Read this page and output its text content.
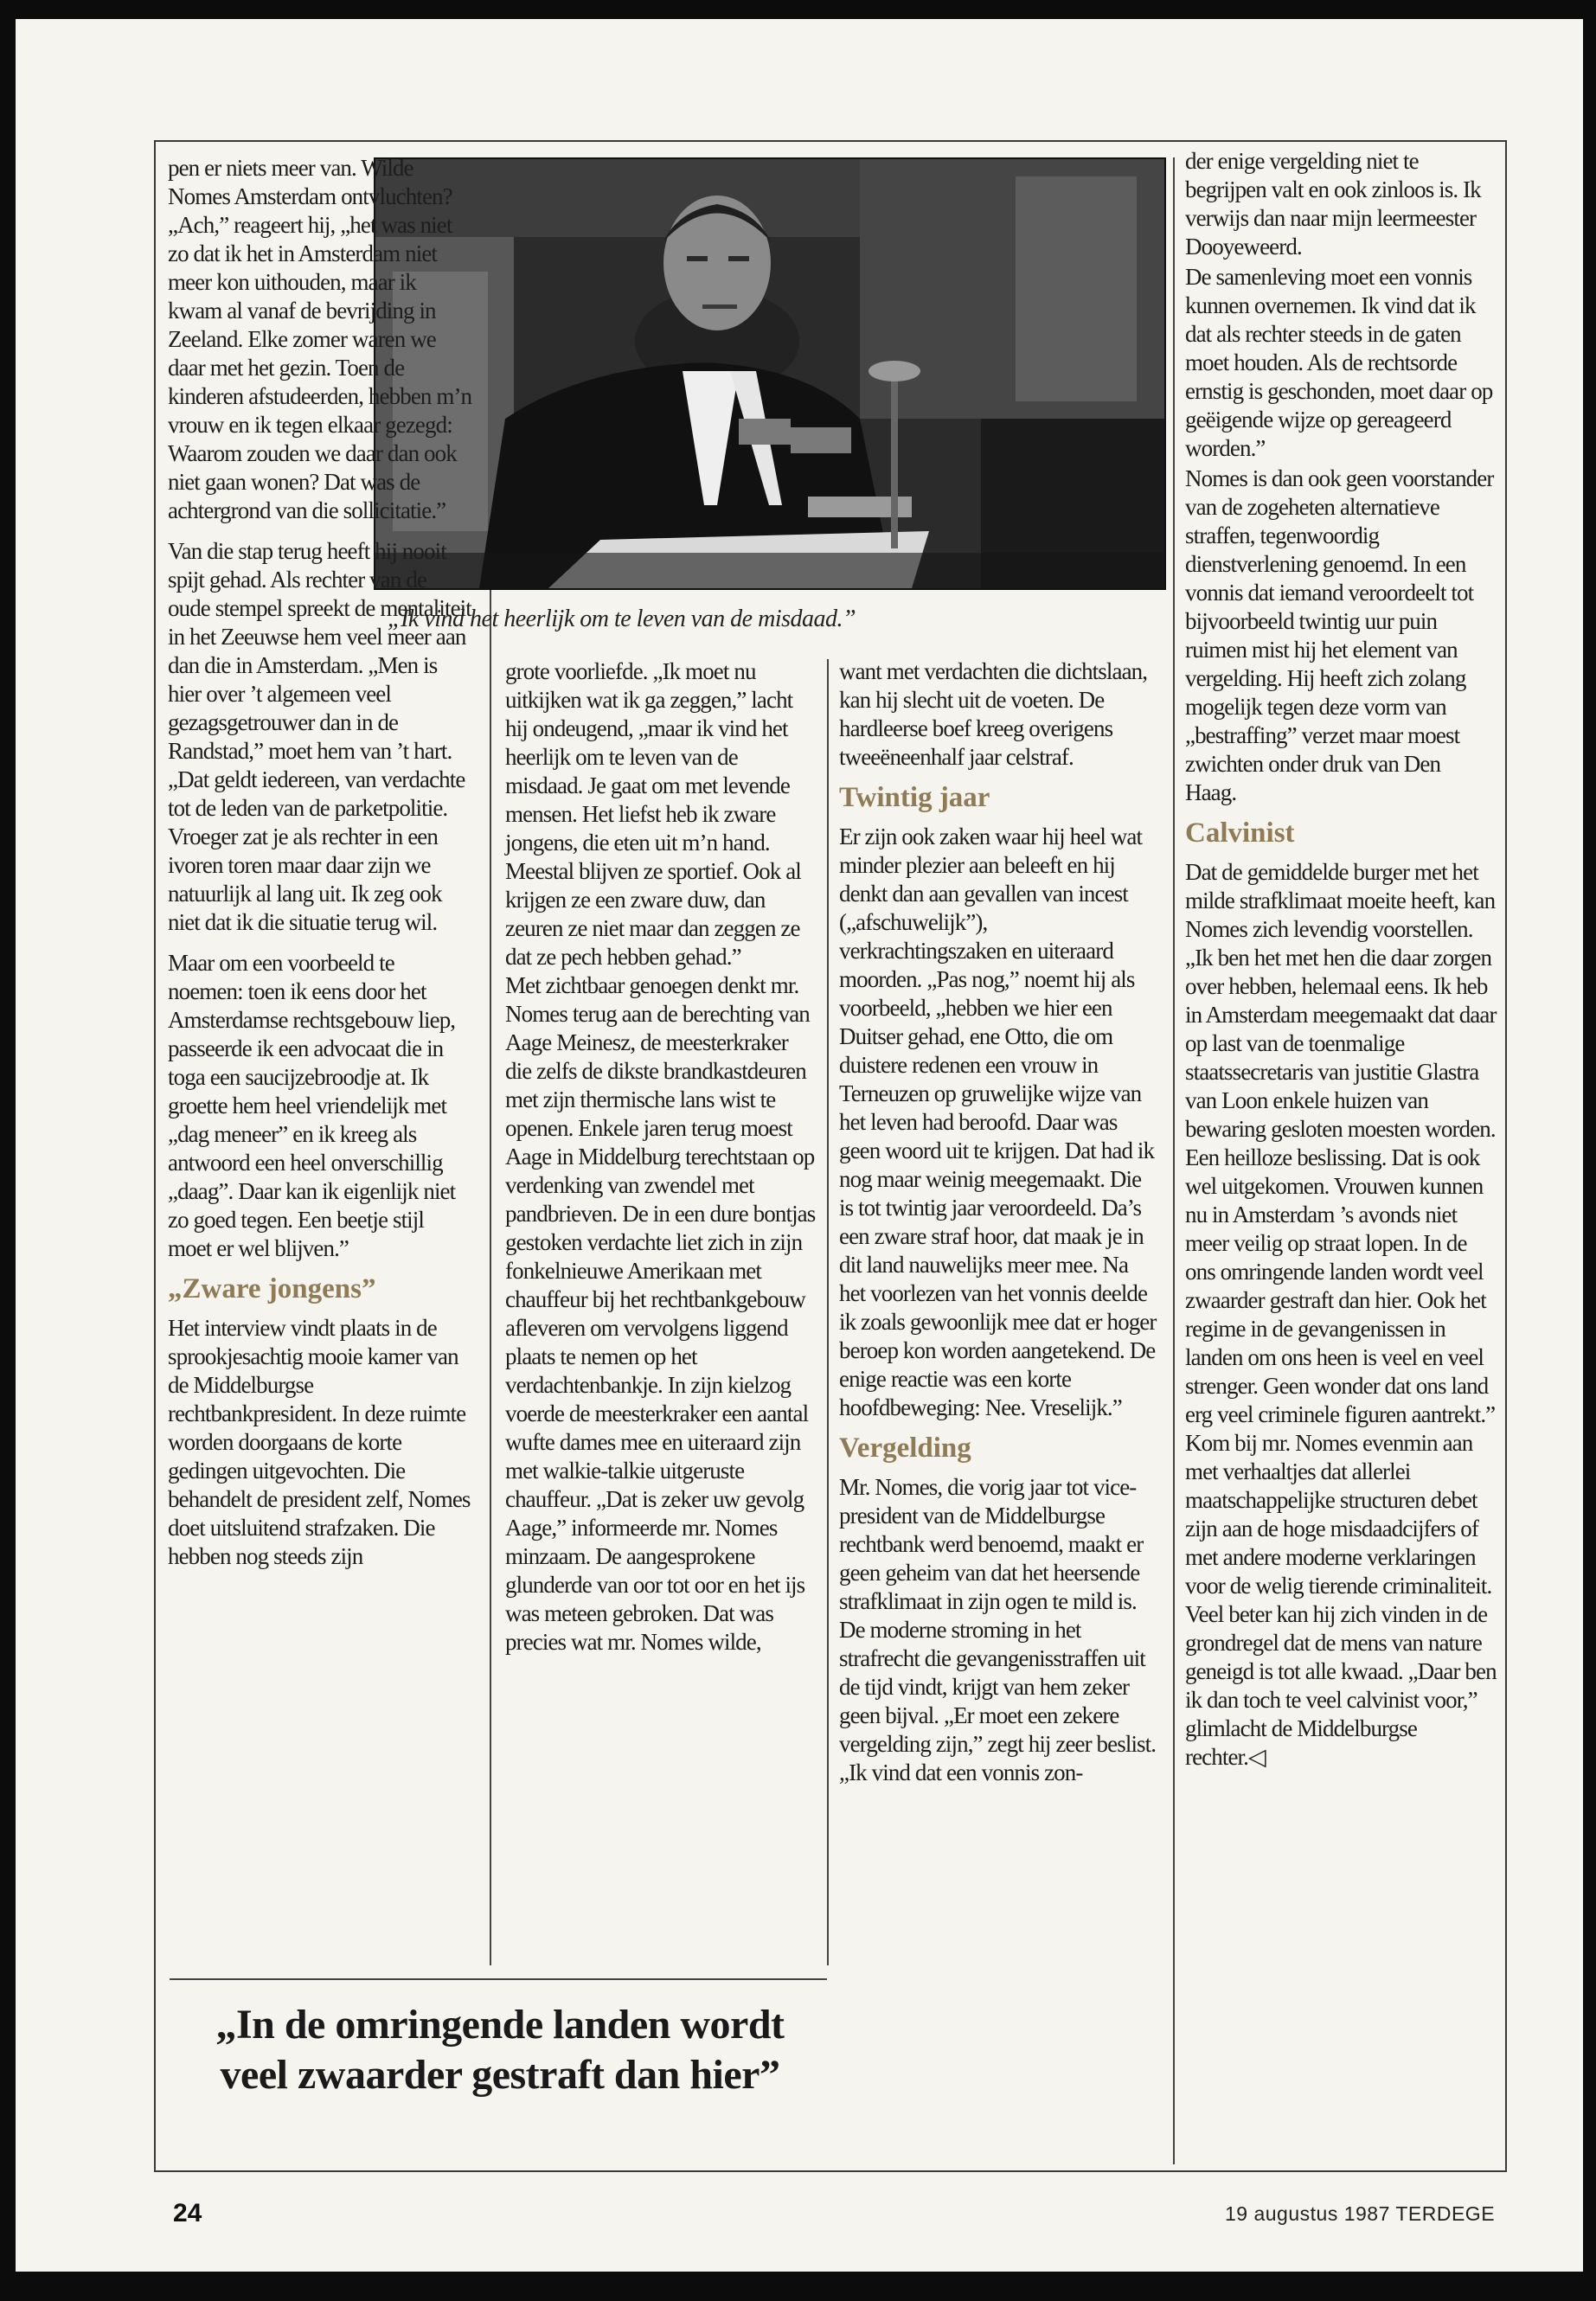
„Ik vind het heerlijk om te leven van de misdaad.”

pen er niets meer van. Wilde Nomes Amsterdam ontvluchten? „Ach,” reageert hij, „het was niet zo dat ik het in Amsterdam niet meer kon uithouden, maar ik kwam al vanaf de bevrijding in Zeeland. Elke zomer waren we daar met het gezin. Toen de kinderen afstudeerden, hebben m’n vrouw en ik tegen elkaar gezegd: Waarom zouden we daar dan ook niet gaan wonen? Dat was de achtergrond van die sollicitatie.”

Van die stap terug heeft hij nooit spijt gehad. Als rechter van de oude stempel spreekt de mentaliteit in het Zeeuwse hem veel meer aan dan die in Amsterdam. „Men is hier over ’t algemeen veel gezagsgetrouwer dan in de Randstad,” moet hem van ’t hart. „Dat geldt iedereen, van verdachte tot de leden van de parketpolitie. Vroeger zat je als rechter in een ivoren toren maar daar zijn we natuurlijk al lang uit. Ik zeg ook niet dat ik die situatie terug wil.

Maar om een voorbeeld te noemen: toen ik eens door het Amsterdamse rechtsgebouw liep, passeerde ik een advocaat die in toga een saucijzebroodje at. Ik groette hem heel vriendelijk met „dag meneer” en ik kreeg als antwoord een heel onverschillig „daag”. Daar kan ik eigenlijk niet zo goed tegen. Een beetje stijl moet er wel blijven.”

„Zware jongens”

Het interview vindt plaats in de sprookjesachtig mooie kamer van de Middelburgse rechtbankpresident. In deze ruimte worden doorgaans de korte gedingen uitgevochten. Die behandelt de president zelf, Nomes doet uitsluitend strafzaken. Die hebben nog steeds zijn

grote voorliefde. „Ik moet nu uitkijken wat ik ga zeggen,” lacht hij ondeugend, „maar ik vind het heerlijk om te leven van de misdaad. Je gaat om met levende mensen. Het liefst heb ik zware jongens, die eten uit m’n hand. Meestal blijven ze sportief. Ook al krijgen ze een zware duw, dan zeuren ze niet maar dan zeggen ze dat ze pech hebben gehad.”

Met zichtbaar genoegen denkt mr. Nomes terug aan de berechting van Aage Meinesz, de meesterkraker die zelfs de dikste brandkastdeuren met zijn thermische lans wist te openen. Enkele jaren terug moest Aage in Middelburg terechtstaan op verdenking van zwendel met pandbrieven. De in een dure bontjas gestoken verdachte liet zich in zijn fonkelnieuwe Amerikaan met chauffeur bij het rechtbankgebouw afleveren om vervolgens liggend plaats te nemen op het verdachtenbankje. In zijn kielzog voerde de meesterkraker een aantal wufte dames mee en uiteraard zijn met walkie-talkie uitgeruste chauffeur. „Dat is zeker uw gevolg Aage,” informeerde mr. Nomes minzaam. De aangesprokene glunderde van oor tot oor en het ijs was meteen gebroken. Dat was precies wat mr. Nomes wilde,

want met verdachten die dichtslaan, kan hij slecht uit de voeten. De hardleerse boef kreeg overigens tweeëneenhalf jaar celstraf.

Twintig jaar

Er zijn ook zaken waar hij heel wat minder plezier aan beleeft en hij denkt dan aan gevallen van incest („afschuwelijk”), verkrachtingszaken en uiteraard moorden. „Pas nog,” noemt hij als voorbeeld, „hebben we hier een Duitser gehad, ene Otto, die om duistere redenen een vrouw in Terneuzen op gruwelijke wijze van het leven had beroofd. Daar was geen woord uit te krijgen. Dat had ik nog maar weinig meegemaakt. Die is tot twintig jaar veroordeeld. Da’s een zware straf hoor, dat maak je in dit land nauwelijks meer mee. Na het voorlezen van het vonnis deelde ik zoals gewoonlijk mee dat er hoger beroep kon worden aangetekend. De enige reactie was een korte hoofdbeweging: Nee. Vreselijk.”

Vergelding

Mr. Nomes, die vorig jaar tot vice-president van de Middelburgse rechtbank werd benoemd, maakt er geen geheim van dat het heersende strafklimaat in zijn ogen te mild is. De moderne stroming in het strafrecht die gevangenisstraffen uit de tijd vindt, krijgt van hem zeker geen bijval. „Er moet een zekere vergelding zijn,” zegt hij zeer beslist. „Ik vind dat een vonnis zon-

der enige vergelding niet te begrijpen valt en ook zinloos is. Ik verwijs dan naar mijn leermeester Dooyeweerd.

De samenleving moet een vonnis kunnen overnemen. Ik vind dat ik dat als rechter steeds in de gaten moet houden. Als de rechtsorde ernstig is geschonden, moet daar op geëigende wijze op gereageerd worden.”

Nomes is dan ook geen voorstander van de zogeheten alternatieve straffen, tegenwoordig dienstverlening genoemd. In een vonnis dat iemand veroordeelt tot bijvoorbeeld twintig uur puin ruimen mist hij het element van vergelding. Hij heeft zich zolang mogelijk tegen deze vorm van „bestraffing” verzet maar moest zwichten onder druk van Den Haag.

Calvinist

Dat de gemiddelde burger met het milde strafklimaat moeite heeft, kan Nomes zich levendig voorstellen. „Ik ben het met hen die daar zorgen over hebben, helemaal eens. Ik heb in Amsterdam meegemaakt dat daar op last van de toenmalige staatssecretaris van justitie Glastra van Loon enkele huizen van bewaring gesloten moesten worden. Een heilloze beslissing. Dat is ook wel uitgekomen. Vrouwen kunnen nu in Amsterdam ’s avonds niet meer veilig op straat lopen. In de ons omringende landen wordt veel zwaarder gestraft dan hier. Ook het regime in de gevangenissen in landen om ons heen is veel en veel strenger. Geen wonder dat ons land erg veel criminele figuren aantrekt.”

Kom bij mr. Nomes evenmin aan met verhaaltjes dat allerlei maatschappelijke structuren debet zijn aan de hoge misdaadcijfers of met andere moderne verklaringen voor de welig tierende criminaliteit. Veel beter kan hij zich vinden in de grondregel dat de mens van nature geneigd is tot alle kwaad. „Daar ben ik dan toch te veel calvinist voor,” glimlacht de Middelburgse rechter.◁

„In de omringende landen wordt veel zwaarder gestraft dan hier”
24	19 augustus 1987 TERDEGE
